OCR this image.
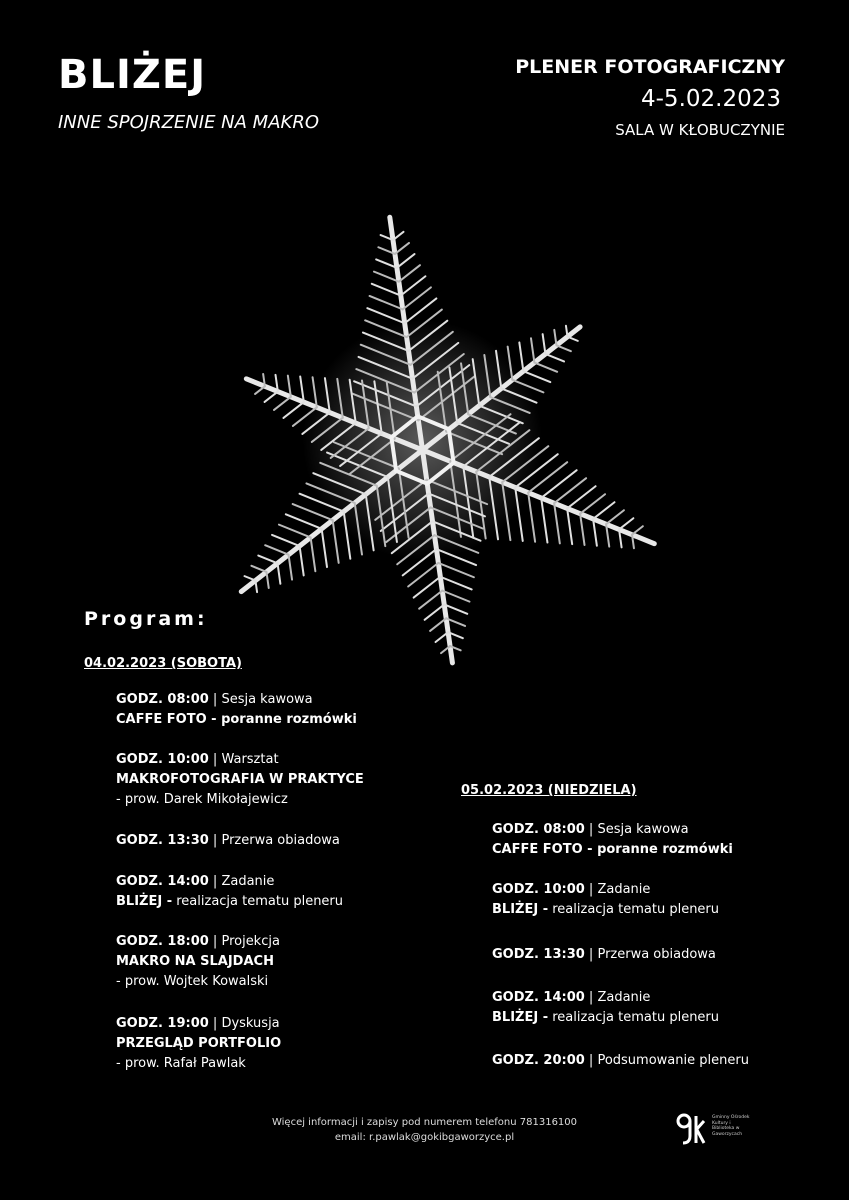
BLIŻEJ
INNE SPOJRZENIE NA MAKRO
PLENER FOTOGRAFICZNY
4-5.02.2023
SALA W KŁOBUCZYNIE
Program:
04.02.2023 (SOBOTA)
GODZ. 08:00 | Sesja kawowa
CAFFE FOTO - poranne rozmówki
GODZ. 10:00 | Warsztat
MAKROFOTOGRAFIA W PRAKTYCE
- prow. Darek Mikołajewicz
GODZ. 13:30 | Przerwa obiadowa
GODZ. 14:00 | Zadanie
BLIŻEJ - realizacja tematu pleneru
GODZ. 18:00 | Projekcja
MAKRO NA SLAJDACH
- prow. Wojtek Kowalski
GODZ. 19:00 | Dyskusja
PRZEGLĄD PORTFOLIO
- prow. Rafał Pawlak
05.02.2023 (NIEDZIELA)
GODZ. 08:00 | Sesja kawowa
CAFFE FOTO - poranne rozmówki
GODZ. 10:00 | Zadanie
BLIŻEJ - realizacja tematu pleneru
GODZ. 13:30 | Przerwa obiadowa
GODZ. 14:00 | Zadanie
BLIŻEJ - realizacja tematu pleneru
GODZ. 20:00 | Podsumowanie pleneru
Więcej informacji i zapisy pod numerem telefonu 781316100
email: r.pawlak@gokibgaworzyce.pl
Gminny Ośrodek Kultury i Biblioteka w Gaworzycach
